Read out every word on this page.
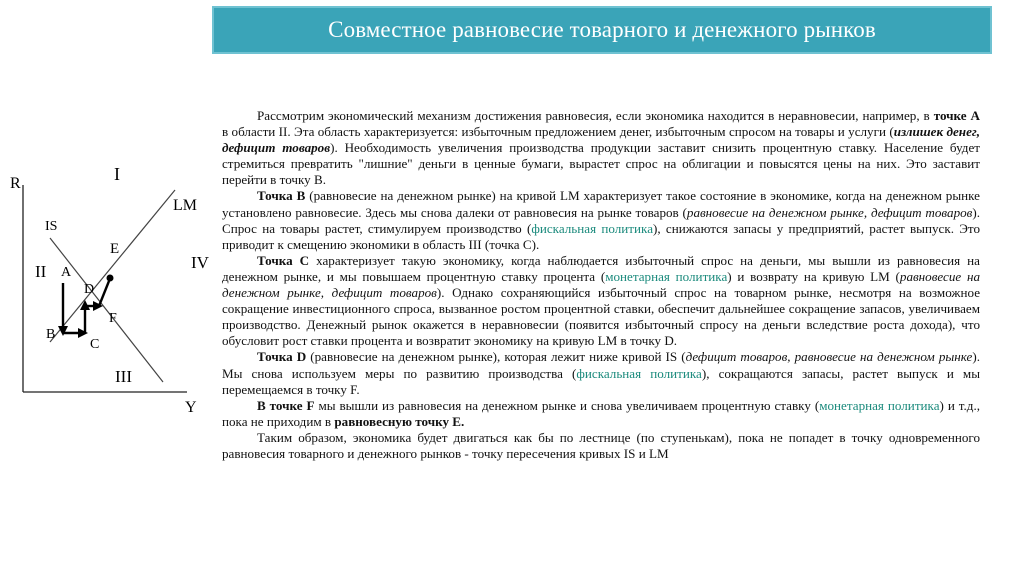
Совместное равновесие товарного и денежного рынков
R
Y
IS
LM
I
II
III
IV
A
B
C
D
E
F

Рассмотрим экономический механизм достижения равновесия, если экономика находится в неравновесии, например, в точке А в области II. Эта область характеризуется: избыточным предложением денег, избыточным спросом на товары и услуги (излишек денег, дефицит товаров). Необходимость увеличения производства продукции заставит снизить процентную ставку. Население будет стремиться превратить "лишние" деньги в ценные бумаги, вырастет спрос на облигации и повысятся цены на них. Это заставит перейти в точку В.

Точка В (равновесие на денежном рынке) на кривой LM характеризует такое состояние в экономике, когда на денежном рынке установлено равновесие. Здесь мы снова далеки от равновесия на рынке товаров (равновесие на денежном рынке, дефицит товаров). Спрос на товары растет, стимулируем производство (фискальная политика), снижаются запасы у предприятий, растет выпуск. Это приводит к смещению экономики в область III (точка С).

Точка С характеризует такую экономику, когда наблюдается избыточный спрос на деньги, мы вышли из равновесия на денежном рынке, и мы повышаем процентную ставку процента (монетарная политика) и возврату на кривую LM (равновесие на денежном рынке, дефицит товаров). Однако сохраняющийся избыточный спрос на товарном рынке, несмотря на возможное сокращение инвестиционного спроса, вызванное ростом процентной ставки, обеспечит дальнейшее сокращение запасов, увеличиваем производство. Денежный рынок окажется в неравновесии (появится избыточный спросу на деньги вследствие роста дохода), что обусловит рост ставки процента и возвратит экономику на кривую LM в точку D.

Точка D (равновесие на денежном рынке), которая лежит ниже кривой IS (дефицит товаров, равновесие на денежном рынке). Мы снова используем меры по развитию производства (фискальная политика), сокращаются запасы, растет выпуск и мы перемещаемся в точку F.

В точке F мы вышли из равновесия на денежном рынке и снова увеличиваем процентную ставку (монетарная политика) и т.д., пока не приходим в равновесную точку Е.

Таким образом, экономика будет двигаться как бы по лестнице (по ступенькам), пока не попадет в точку одновременного равновесия товарного и денежного рынков - точку пересечения кривых IS и LM
